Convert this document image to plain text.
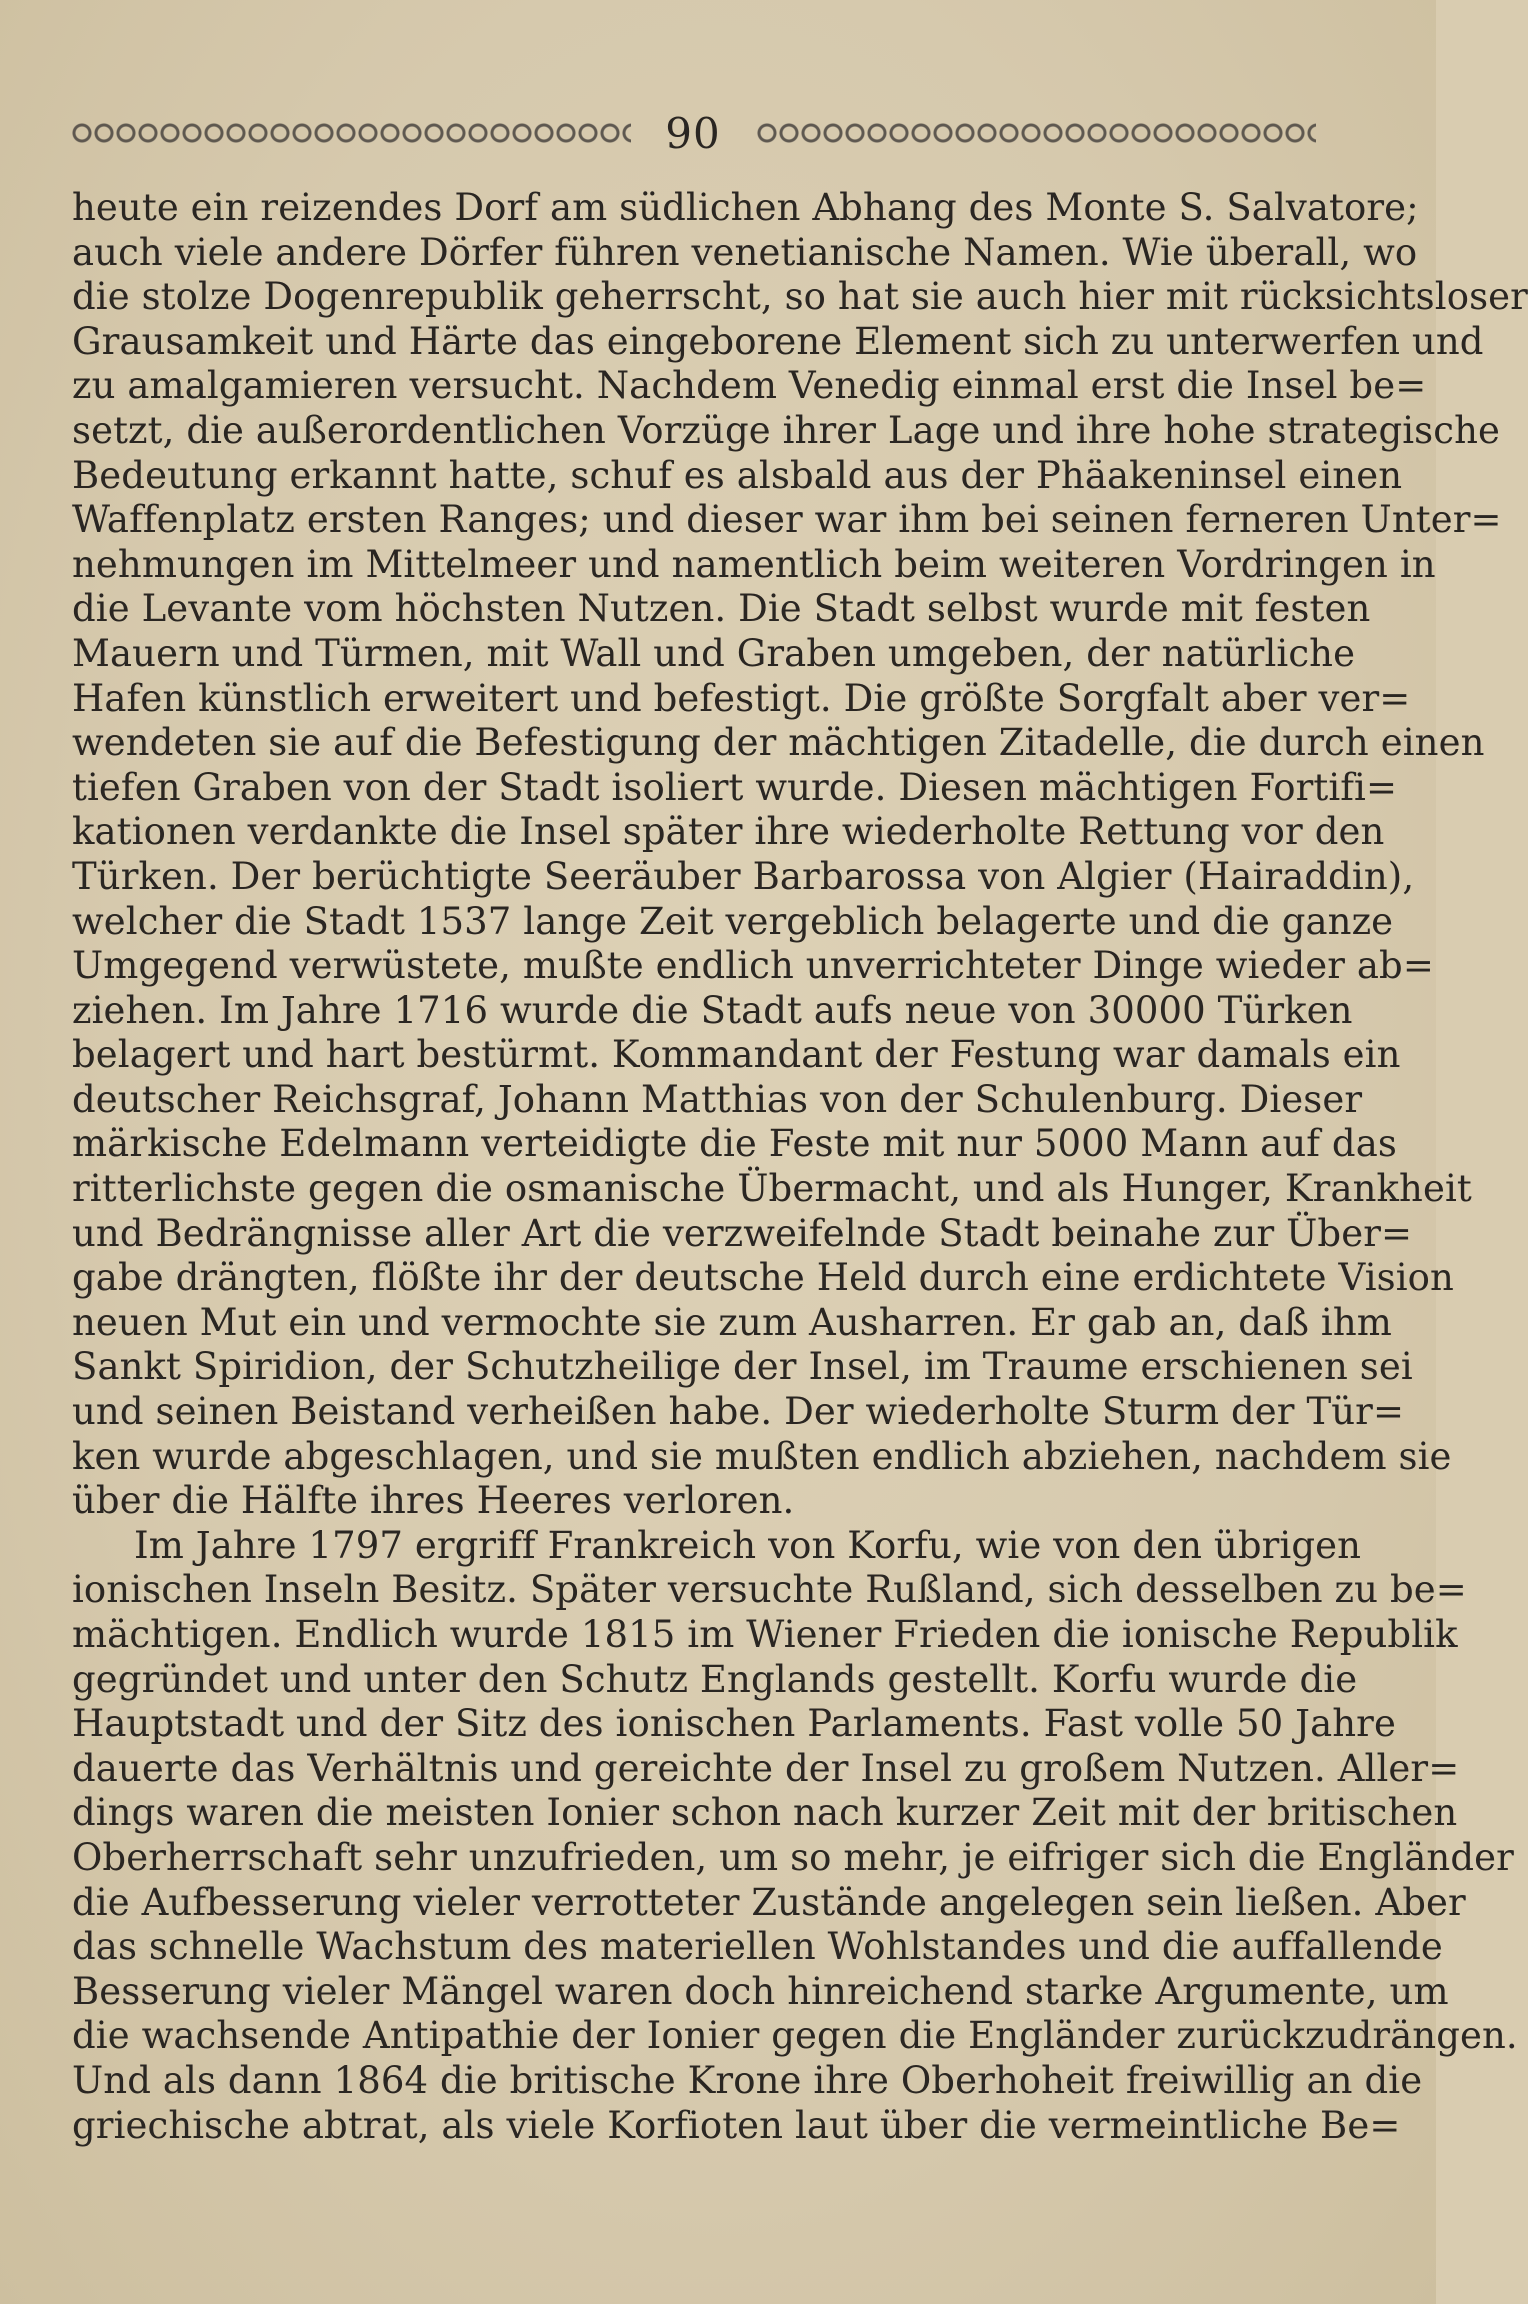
90
heute ein reizendes Dorf am südlichen Abhang des Monte S. Salvatore;
auch viele andere Dörfer führen venetianische Namen. Wie überall, wo
die stolze Dogenrepublik geherrscht, so hat sie auch hier mit rücksichtsloser
Grausamkeit und Härte das eingeborene Element sich zu unterwerfen und
zu amalgamieren versucht. Nachdem Venedig einmal erst die Insel be=
setzt, die außerordentlichen Vorzüge ihrer Lage und ihre hohe strategische
Bedeutung erkannt hatte, schuf es alsbald aus der Phäakeninsel einen
Waffenplatz ersten Ranges; und dieser war ihm bei seinen ferneren Unter=
nehmungen im Mittelmeer und namentlich beim weiteren Vordringen in
die Levante vom höchsten Nutzen. Die Stadt selbst wurde mit festen
Mauern und Türmen, mit Wall und Graben umgeben, der natürliche
Hafen künstlich erweitert und befestigt. Die größte Sorgfalt aber ver=
wendeten sie auf die Befestigung der mächtigen Zitadelle, die durch einen
tiefen Graben von der Stadt isoliert wurde. Diesen mächtigen Fortifi=
kationen verdankte die Insel später ihre wiederholte Rettung vor den
Türken. Der berüchtigte Seeräuber Barbarossa von Algier (Hairaddin),
welcher die Stadt 1537 lange Zeit vergeblich belagerte und die ganze
Umgegend verwüstete, mußte endlich unverrichteter Dinge wieder ab=
ziehen. Im Jahre 1716 wurde die Stadt aufs neue von 30000 Türken
belagert und hart bestürmt. Kommandant der Festung war damals ein
deutscher Reichsgraf, Johann Matthias von der Schulenburg. Dieser
märkische Edelmann verteidigte die Feste mit nur 5000 Mann auf das
ritterlichste gegen die osmanische Übermacht, und als Hunger, Krankheit
und Bedrängnisse aller Art die verzweifelnde Stadt beinahe zur Über=
gabe drängten, flößte ihr der deutsche Held durch eine erdichtete Vision
neuen Mut ein und vermochte sie zum Ausharren. Er gab an, daß ihm
Sankt Spiridion, der Schutzheilige der Insel, im Traume erschienen sei
und seinen Beistand verheißen habe. Der wiederholte Sturm der Tür=
ken wurde abgeschlagen, und sie mußten endlich abziehen, nachdem sie
über die Hälfte ihres Heeres verloren.
Im Jahre 1797 ergriff Frankreich von Korfu, wie von den übrigen
ionischen Inseln Besitz. Später versuchte Rußland, sich desselben zu be=
mächtigen. Endlich wurde 1815 im Wiener Frieden die ionische Republik
gegründet und unter den Schutz Englands gestellt. Korfu wurde die
Hauptstadt und der Sitz des ionischen Parlaments. Fast volle 50 Jahre
dauerte das Verhältnis und gereichte der Insel zu großem Nutzen. Aller=
dings waren die meisten Ionier schon nach kurzer Zeit mit der britischen
Oberherrschaft sehr unzufrieden, um so mehr, je eifriger sich die Engländer
die Aufbesserung vieler verrotteter Zustände angelegen sein ließen. Aber
das schnelle Wachstum des materiellen Wohlstandes und die auffallende
Besserung vieler Mängel waren doch hinreichend starke Argumente, um
die wachsende Antipathie der Ionier gegen die Engländer zurückzudrängen.
Und als dann 1864 die britische Krone ihre Oberhoheit freiwillig an die
griechische abtrat, als viele Korfioten laut über die vermeintliche Be=
